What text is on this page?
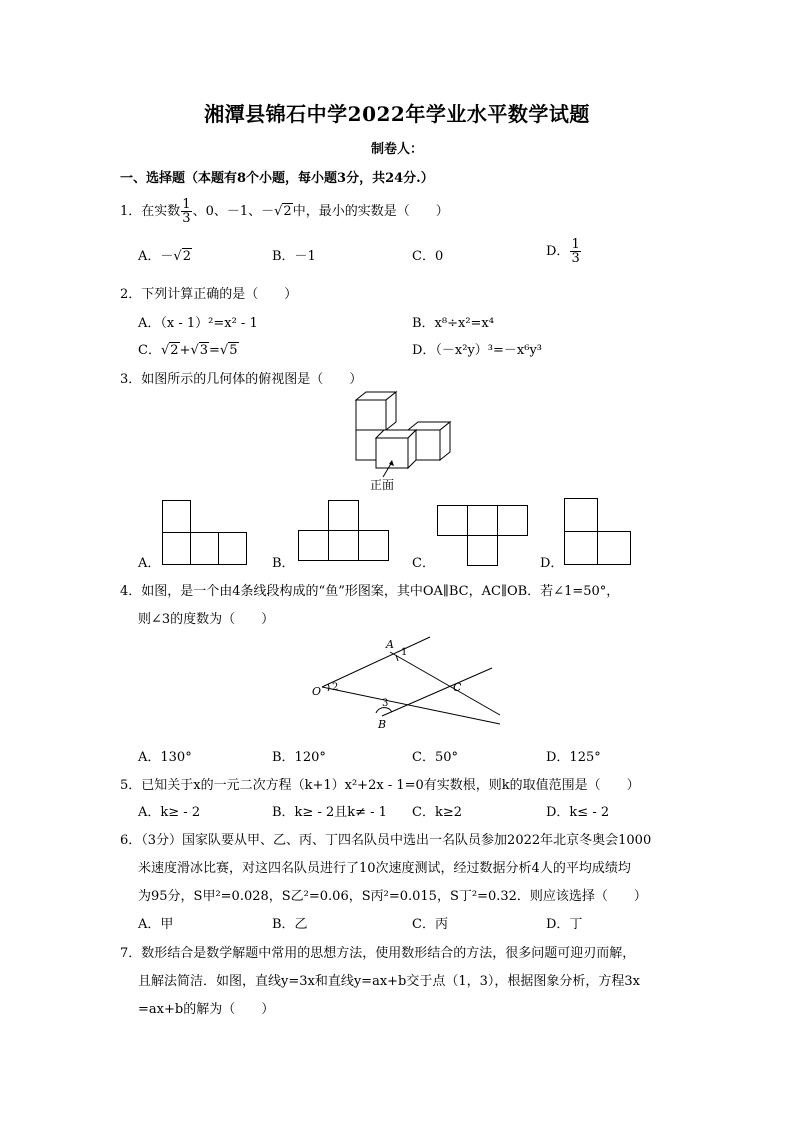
湘潭县锦石中学2022年学业水平数学试题
制卷人：
一、选择题（本题有8个小题，每小题3分，共24分.）
1．在实数 $\frac{1}{3}$ 、0、－1、－√2中，最小的实数是（　　）
A．－√2	B．－1	C．0	D． $\frac{1}{3}$
2．下列计算正确的是（　　）
A．（x - 1）²=x² - 1	B．x⁸÷x²=x⁴
C．√2+√3=√5	D．（－x²y）³=－x⁶y³
3．如图所示的几何体的俯视图是（　　）
正面
A．	B．	C．	D．
4．如图，是一个由4条线段构成的“鱼”形图案，其中OA∥BC，AC∥OB．若∠1=50°，
则∠3的度数为（　　）
A
O
B
C
1
2
3
A．130°	B．120°	C．50°	D．125°
5．已知关于x的一元二次方程（k+1）x²+2x - 1=0有实数根，则k的取值范围是（　　）
A．k≥ - 2	B．k≥ - 2且k≠ - 1 C．k≥2	D．k≤ - 2
6．（3分）国家队要从甲、乙、丙、丁四名队员中选出一名队员参加2022年北京冬奥会1000
米速度滑冰比赛，对这四名队员进行了10次速度测试，经过数据分析4人的平均成绩均
为95分，S甲²=0.028，S乙²=0.06，S丙²=0.015，S丁²=0.32．则应该选择（　　）
A．甲	B．乙	C．丙	D．丁
7．数形结合是数学解题中常用的思想方法，使用数形结合的方法，很多问题可迎刃而解，
且解法简洁．如图，直线y=3x和直线y=ax+b交于点（1，3），根据图象分析，方程3x
=ax+b的解为（　　）
